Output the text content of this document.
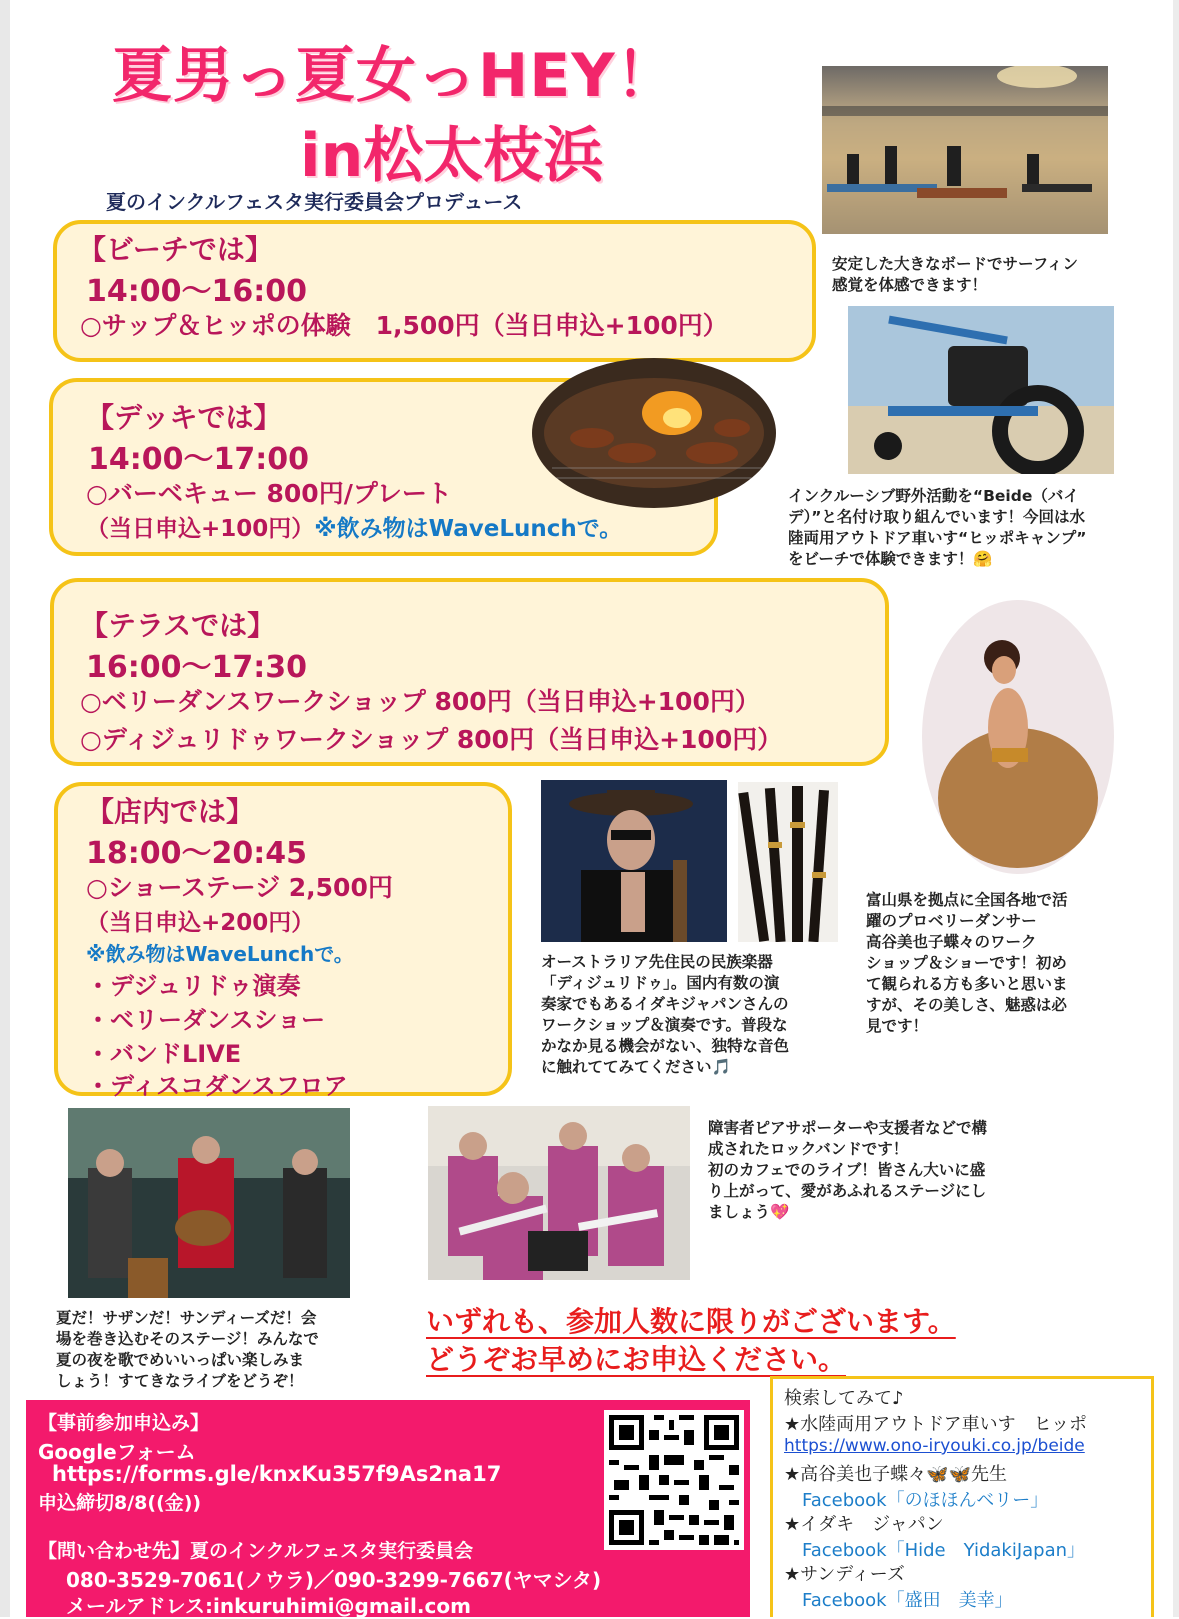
夏男っ夏女っHEY！
in松太枝浜
夏のインクルフェスタ実行委員会プロデュース
安定した大きなボードでサーフィン
感覚を体感できます！
インクルーシブ野外活動を“Beide（バイ
デ）”と名付け取り組んでいます！今回は水
陸両用アウトドア車いす“ヒッポキャンプ”
をビーチで体験できます！🤗
【ビーチでは】
14:00〜16:00
○サップ＆ヒッポの体験　1,500円（当日申込+100円）
【デッキでは】
14:00〜17:00
○バーベキュー 800円/プレート
（当日申込+100円）※飲み物はWaveLunchで。
【テラスでは】
16:00〜17:30
○ベリーダンスワークショップ 800円（当日申込+100円）
○ディジュリドゥワークショップ 800円（当日申込+100円）
【店内では】
18:00〜20:45
○ショーステージ 2,500円
（当日申込+200円）
※飲み物はWaveLunchで。
・デジュリドゥ演奏
・ベリーダンスショー
・バンドLIVE
・ディスコダンスフロア
オーストラリア先住民の民族楽器
「ディジュリドゥ」。国内有数の演
奏家でもあるイダキジャパンさんの
ワークショップ＆演奏です。普段な
かなか見る機会がない、独特な音色
に触れててみてください🎵
富山県を拠点に全国各地で活
躍のプロベリーダンサー
高谷美也子蝶々のワーク
ショップ＆ショーです！初め
て観られる方も多いと思いま
すが、その美しさ、魅惑は必
見です！
夏だ！サザンだ！サンディーズだ！会
場を巻き込むそのステージ！みんなで
夏の夜を歌でめいいっぱい楽しみま
しょう！すてきなライブをどうぞ！
障害者ピアサポーターや支援者などで構
成されたロックバンドです！
初のカフェでのライブ！皆さん大いに盛
り上がって、愛があふれるステージにし
ましょう💖
いずれも、参加人数に限りがございます。
どうぞお早めにお申込ください。
【事前参加申込み】
Googleフォーム
https://forms.gle/knxKu357f9As2na17
申込締切8/8((金))
【問い合わせ先】夏のインクルフェスタ実行委員会
080-3529-7061(ノウラ)／090-3299-7667(ヤマシタ)
メールアドレス:inkuruhimi@gmail.com
検索してみて♪
★水陸両用アウトドア車いす　ヒッポ
https://www.ono-iryouki.co.jp/beide
★高谷美也子蝶々🦋🦋先生
Facebook「のほほんベリー」
★イダキ　ジャパン
Facebook「Hide　YidakiJapan」
★サンディーズ
Facebook「盛田　美幸」
